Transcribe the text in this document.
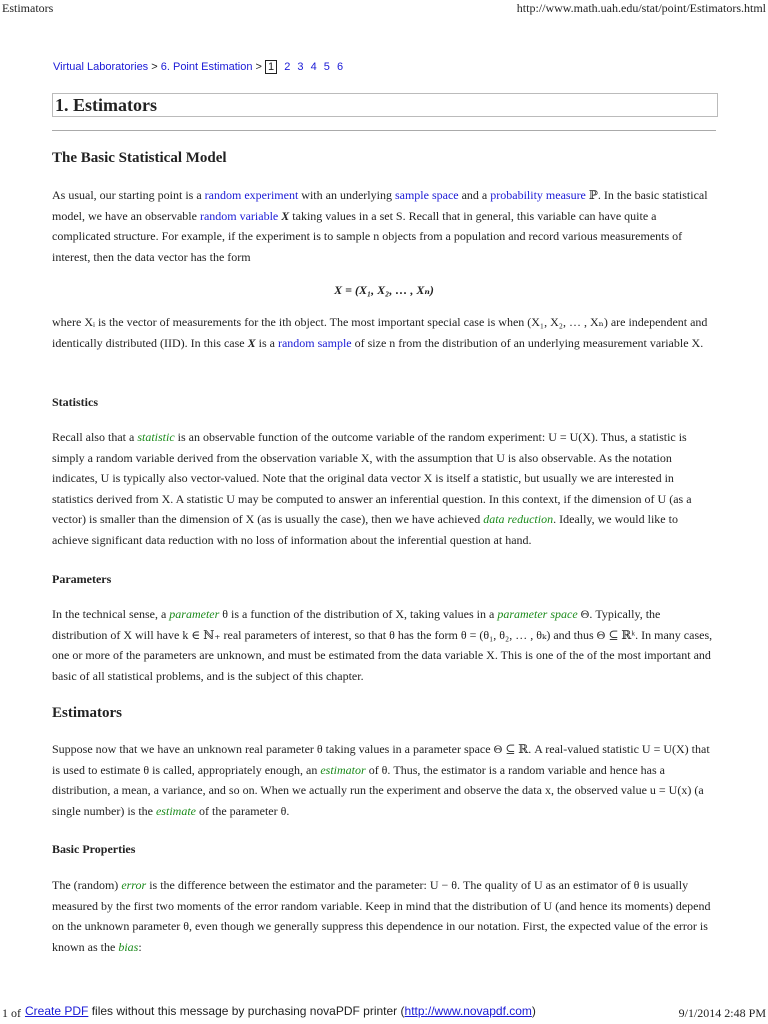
Estimators	http://www.math.uah.edu/stat/point/Estimators.html
Virtual Laboratories > 6. Point Estimation > 1 2 3 4 5 6
1. Estimators
The Basic Statistical Model

As usual, our starting point is a random experiment with an underlying sample space and a probability measure ℙ. In the basic statistical model, we have an observable random variable X taking values in a set S. Recall that in general, this variable can have quite a complicated structure. For example, if the experiment is to sample n objects from a population and record various measurements of interest, then the data vector has the form

X = (X₁, X₂, … , Xₙ)

where Xᵢ is the vector of measurements for the ith object. The most important special case is when (X₁, X₂, … , Xₙ) are independent and identically distributed (IID). In this case X is a random sample of size n from the distribution of an underlying measurement variable X.

Statistics

Recall also that a statistic is an observable function of the outcome variable of the random experiment: U = U(X). Thus, a statistic is simply a random variable derived from the observation variable X, with the assumption that U is also observable. As the notation indicates, U is typically also vector-valued. Note that the original data vector X is itself a statistic, but usually we are interested in statistics derived from X. A statistic U may be computed to answer an inferential question. In this context, if the dimension of U (as a vector) is smaller than the dimension of X (as is usually the case), then we have achieved data reduction. Ideally, we would like to achieve significant data reduction with no loss of information about the inferential question at hand.

Parameters

In the technical sense, a parameter θ is a function of the distribution of X, taking values in a parameter space Θ. Typically, the distribution of X will have k ∈ ℕ₊ real parameters of interest, so that θ has the form θ = (θ₁, θ₂, … , θₖ) and thus Θ ⊆ ℝᵏ. In many cases, one or more of the parameters are unknown, and must be estimated from the data variable X. This is one of the of the most important and basic of all statistical problems, and is the subject of this chapter.

Estimators

Suppose now that we have an unknown real parameter θ taking values in a parameter space Θ ⊆ ℝ. A real-valued statistic U = U(X) that is used to estimate θ is called, appropriately enough, an estimator of θ. Thus, the estimator is a random variable and hence has a distribution, a mean, a variance, and so on. When we actually run the experiment and observe the data x, the observed value u = U(x) (a single number) is the estimate of the parameter θ.

Basic Properties

The (random) error is the difference between the estimator and the parameter: U − θ. The quality of U as an estimator of θ is usually measured by the first two moments of the error random variable. Keep in mind that the distribution of U (and hence its moments) depend on the unknown parameter θ, even though we generally suppress this dependence in our notation. First, the expected value of the error is known as the bias:

1 of Create PDF files without this message by purchasing novaPDF printer (http://www.novapdf.com)	9/1/2014 2:48 PM
